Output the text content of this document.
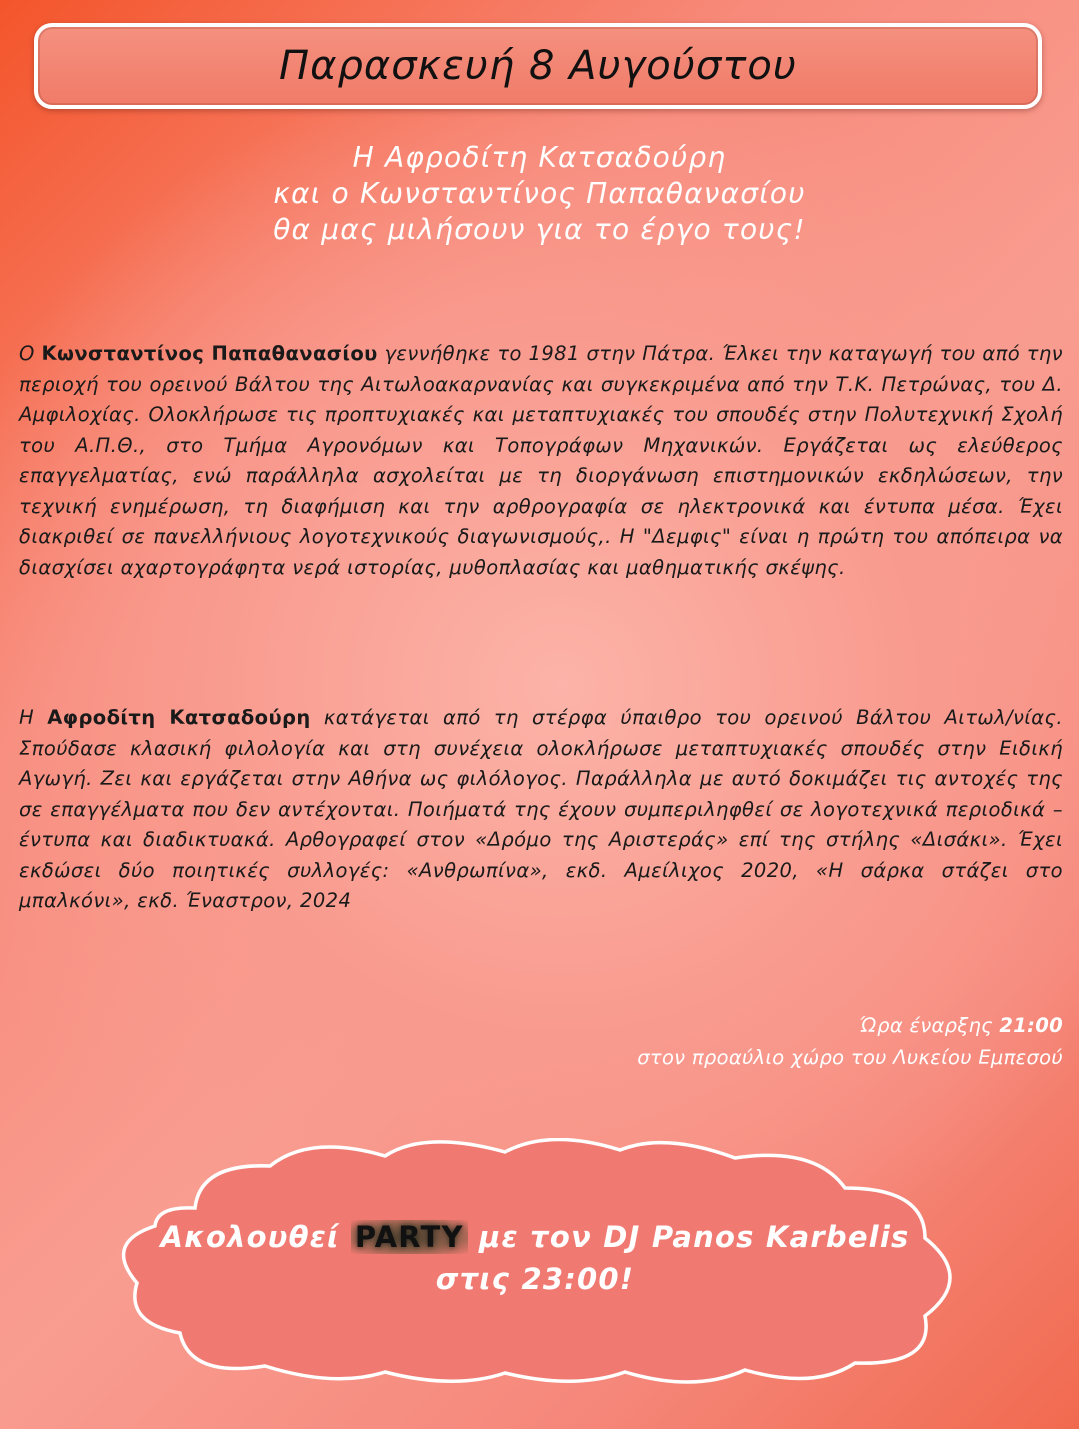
Παρασκευή 8 Αυγούστου
Η Αφροδίτη Κατσαδούρη
και ο Κωνσταντίνος Παπαθανασίου
θα μας μιλήσουν για το έργο τους!

Ο Κωνσταντίνος Παπαθανασίου γεννήθηκε το 1981 στην Πάτρα. Έλκει την καταγωγή του από την περιοχή του ορεινού Βάλτου της Αιτωλοακαρνανίας και συγκεκριμένα από την Τ.Κ. Πετρώνας, του Δ. Αμφιλοχίας. Ολοκλήρωσε τις προπτυχιακές και μεταπτυχιακές του σπουδές στην Πολυτεχνική Σχολή του Α.Π.Θ., στο Τμήμα Αγρονόμων και Τοπογράφων Μηχανικών. Εργάζεται ως ελεύθερος επαγγελματίας, ενώ παράλληλα ασχολείται με τη διοργάνωση επιστημονικών εκδηλώσεων, την τεχνική ενημέρωση, τη διαφήμιση και την αρθρογραφία σε ηλεκτρονικά και έντυπα μέσα. Έχει διακριθεί σε πανελλήνιους λογοτεχνικούς διαγωνισμούς,. Η "Δεμφις" είναι η πρώτη του απόπειρα να διασχίσει αχαρτογράφητα νερά ιστορίας, μυθοπλασίας και μαθηματικής σκέψης.

Η Αφροδίτη Κατσαδούρη κατάγεται από τη στέρφα ύπαιθρο του ορεινού Βάλτου Αιτωλ/νίας. Σπούδασε κλασική φιλολογία και στη συνέχεια ολοκλήρωσε μεταπτυχιακές σπουδές στην Ειδική Αγωγή. Ζει και εργάζεται στην Αθήνα ως φιλόλογος. Παράλληλα με αυτό δοκιμάζει τις αντοχές της σε επαγγέλματα που δεν αντέχονται. Ποιήματά της έχουν συμπεριληφθεί σε λογοτεχνικά περιοδικά –έντυπα και διαδικτυακά. Αρθογραφεί στον «Δρόμο της Αριστεράς» επί της στήλης «Δισάκι». Έχει εκδώσει δύο ποιητικές συλλογές: «Ανθρωπίνα», εκδ. Αμείλιχος 2020, «Η σάρκα στάζει στο μπαλκόνι», εκδ. Έναστρον, 2024

Ώρα έναρξης 21:00
στον προαύλιο χώρο του Λυκείου Εμπεσού
Ακολουθεί PARTY με τον DJ Panos Karbelis
στις 23:00!
